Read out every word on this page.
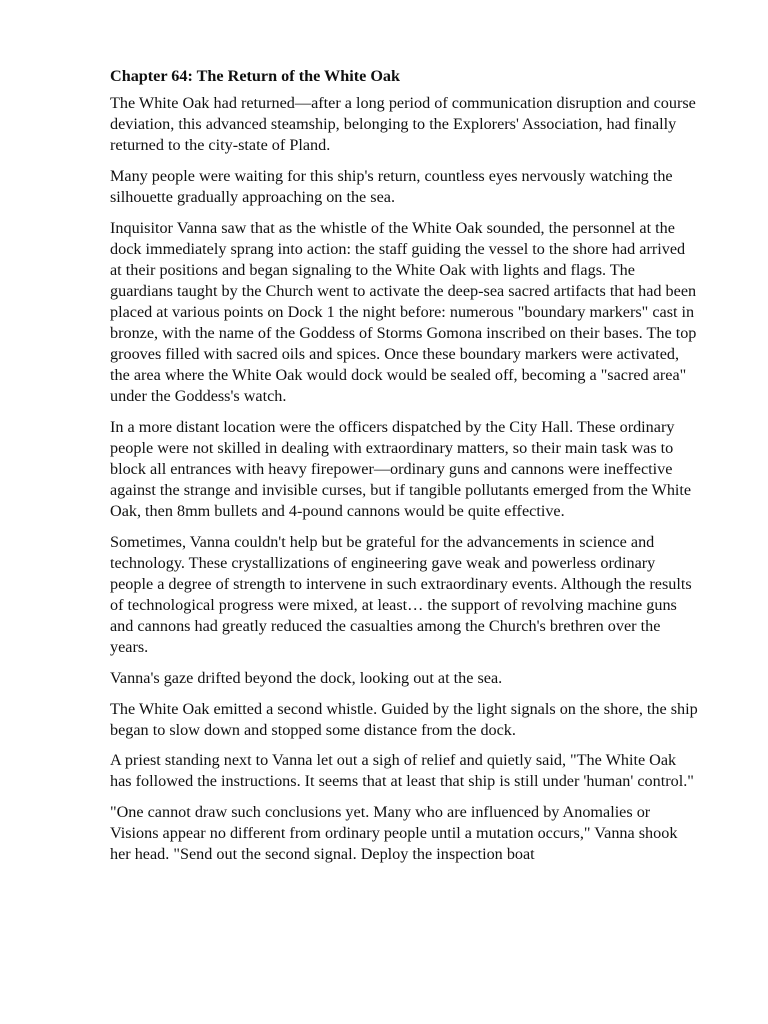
Chapter 64: The Return of the White Oak

The White Oak had returned—after a long period of communication disruption and course deviation, this advanced steamship, belonging to the Explorers' Association, had finally returned to the city-state of Pland.

Many people were waiting for this ship's return, countless eyes nervously watching the silhouette gradually approaching on the sea.

Inquisitor Vanna saw that as the whistle of the White Oak sounded, the personnel at the dock immediately sprang into action: the staff guiding the vessel to the shore had arrived at their positions and began signaling to the White Oak with lights and flags. The guardians taught by the Church went to activate the deep-sea sacred artifacts that had been placed at various points on Dock 1 the night before: numerous "boundary markers" cast in bronze, with the name of the Goddess of Storms Gomona inscribed on their bases. The top grooves filled with sacred oils and spices. Once these boundary markers were activated, the area where the White Oak would dock would be sealed off, becoming a "sacred area" under the Goddess's watch.

In a more distant location were the officers dispatched by the City Hall. These ordinary people were not skilled in dealing with extraordinary matters, so their main task was to block all entrances with heavy firepower—ordinary guns and cannons were ineffective against the strange and invisible curses, but if tangible pollutants emerged from the White Oak, then 8mm bullets and 4-pound cannons would be quite effective.

Sometimes, Vanna couldn't help but be grateful for the advancements in science and technology. These crystallizations of engineering gave weak and powerless ordinary people a degree of strength to intervene in such extraordinary events. Although the results of technological progress were mixed, at least… the support of revolving machine guns and cannons had greatly reduced the casualties among the Church's brethren over the years.

Vanna's gaze drifted beyond the dock, looking out at the sea.

The White Oak emitted a second whistle. Guided by the light signals on the shore, the ship began to slow down and stopped some distance from the dock.

A priest standing next to Vanna let out a sigh of relief and quietly said, "The White Oak has followed the instructions. It seems that at least that ship is still under 'human' control."

"One cannot draw such conclusions yet. Many who are influenced by Anomalies or Visions appear no different from ordinary people until a mutation occurs," Vanna shook her head. "Send out the second signal. Deploy the inspection boat
